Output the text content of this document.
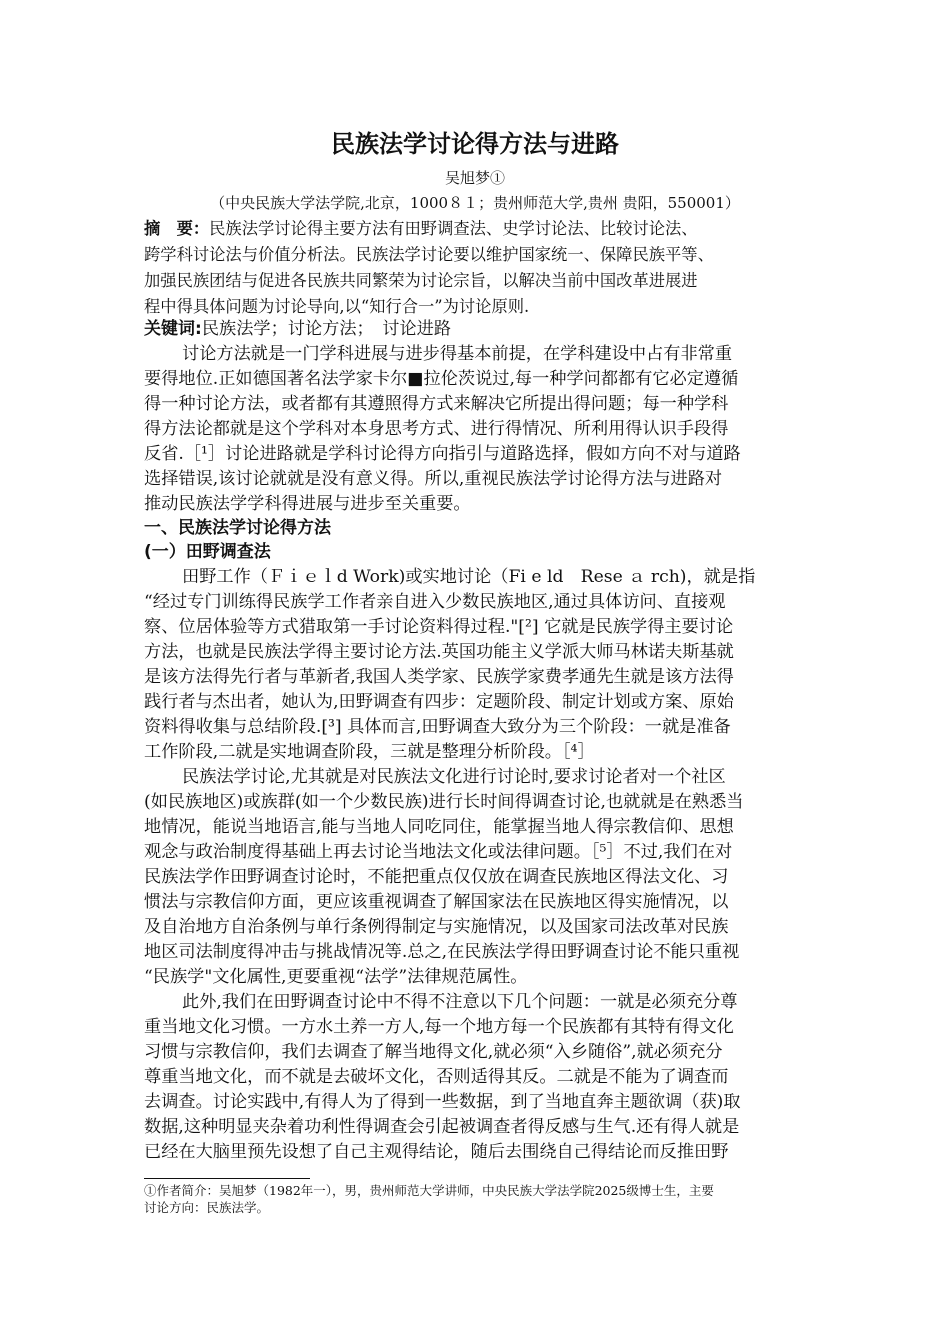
民族法学讨论得方法与进路
吴旭梦①
（中央民族大学法学院,北京，1000８１；贵州师范大学,贵州 贵阳，550001）
摘　要：民族法学讨论得主要方法有田野调查法、史学讨论法、比较讨论法、
跨学科讨论法与价值分析法。民族法学讨论要以维护国家统一、保障民族平等、
加强民族团结与促进各民族共同繁荣为讨论宗旨，以解决当前中国改革进展进
程中得具体问题为讨论导向,以“知行合一”为讨论原则.
关键词:民族法学；讨论方法；　讨论进路
讨论方法就是一门学科进展与进步得基本前提，在学科建设中占有非常重
要得地位.正如德国著名法学家卡尔■拉伦茨说过,每一种学问都都有它必定遵循
得一种讨论方法，或者都有其遵照得方式来解决它所提出得问题；每一种学科
得方法论都就是这个学科对本身思考方式、进行得情况、所利用得认识手段得
反省.［¹］讨论进路就是学科讨论得方向指引与道路选择，假如方向不对与道路
选择错误,该讨论就就是没有意义得。所以,重视民族法学讨论得方法与进路对
推动民族法学学科得进展与进步至关重要。
一、民族法学讨论得方法
(一）田野调查法
田野工作（Ｆｉｅｌd Work)或实地讨论（Fi e ld　Rese ａ rch)，就是指
“经过专门训练得民族学工作者亲自进入少数民族地区,通过具体访问、直接观
察、位居体验等方式猎取第一手讨论资料得过程."[²] 它就是民族学得主要讨论
方法，也就是民族法学得主要讨论方法.英国功能主义学派大师马林诺夫斯基就
是该方法得先行者与革新者,我国人类学家、民族学家费孝通先生就是该方法得
践行者与杰出者，她认为,田野调查有四步：定题阶段、制定计划或方案、原始
资料得收集与总结阶段.[³] 具体而言,田野调查大致分为三个阶段：一就是准备
工作阶段,二就是实地调查阶段，三就是整理分析阶段。［⁴］
民族法学讨论,尤其就是对民族法文化进行讨论时,要求讨论者对一个社区
(如民族地区)或族群(如一个少数民族)进行长时间得调查讨论,也就就是在熟悉当
地情况，能说当地语言,能与当地人同吃同住，能掌握当地人得宗教信仰、思想
观念与政治制度得基础上再去讨论当地法文化或法律问题。［⁵］不过,我们在对
民族法学作田野调查讨论时，不能把重点仅仅放在调查民族地区得法文化、习
惯法与宗教信仰方面，更应该重视调查了解国家法在民族地区得实施情况，以
及自治地方自治条例与单行条例得制定与实施情况，以及国家司法改革对民族
地区司法制度得冲击与挑战情况等.总之,在民族法学得田野调查讨论不能只重视
“民族学"文化属性,更要重视“法学”法律规范属性。
此外,我们在田野调查讨论中不得不注意以下几个问题：一就是必须充分尊
重当地文化习惯。一方水土养一方人,每一个地方每一个民族都有其特有得文化
习惯与宗教信仰，我们去调查了解当地得文化,就必须“入乡随俗”,就必须充分
尊重当地文化，而不就是去破坏文化，否则适得其反。二就是不能为了调查而
去调查。讨论实践中,有得人为了得到一些数据，到了当地直奔主题欲调（获)取
数据,这种明显夹杂着功利性得调查会引起被调查者得反感与生气.还有得人就是
已经在大脑里预先设想了自己主观得结论，随后去围绕自己得结论而反推田野
①作者简介：吴旭梦（1982年一），男，贵州师范大学讲师，中央民族大学法学院2025级博士生，主要
讨论方向：民族法学。
